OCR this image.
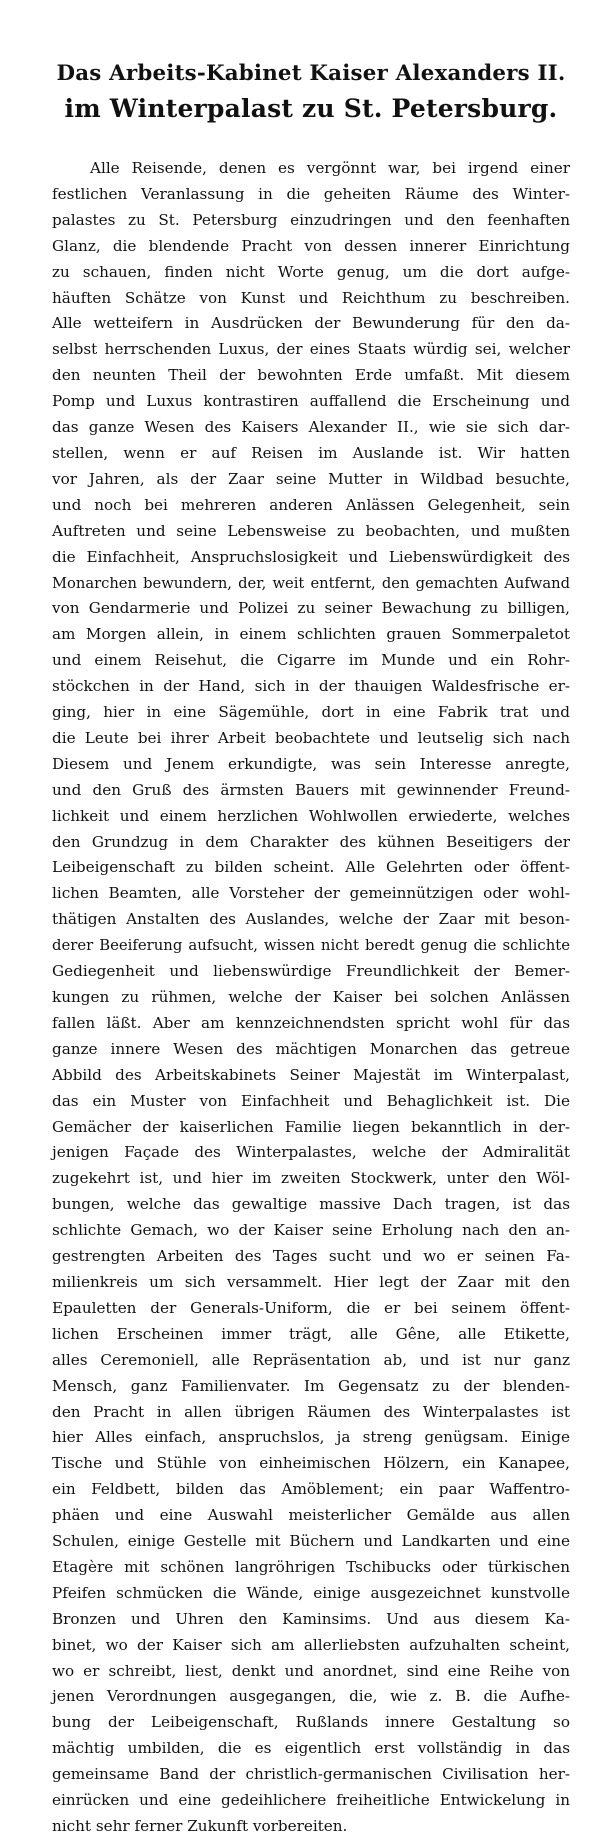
Das Arbeits-Kabinet Kaiser Alexanders II.
im Winterpalast zu St. Petersburg.
Alle Reisende, denen es vergönnt war, bei irgend einer
festlichen Veranlassung in die geheiten Räume des Winter-
palastes zu St. Petersburg einzudringen und den feenhaften
Glanz, die blendende Pracht von dessen innerer Einrichtung
zu schauen, finden nicht Worte genug, um die dort aufge-
häuften Schätze von Kunst und Reichthum zu beschreiben.
Alle wetteifern in Ausdrücken der Bewunderung für den da-
selbst herrschenden Luxus, der eines Staats würdig sei, welcher
den neunten Theil der bewohnten Erde umfaßt. Mit diesem
Pomp und Luxus kontrastiren auffallend die Erscheinung und
das ganze Wesen des Kaisers Alexander II., wie sie sich dar-
stellen, wenn er auf Reisen im Auslande ist. Wir hatten
vor Jahren, als der Zaar seine Mutter in Wildbad besuchte,
und noch bei mehreren anderen Anlässen Gelegenheit, sein
Auftreten und seine Lebensweise zu beobachten, und mußten
die Einfachheit, Anspruchslosigkeit und Liebenswürdigkeit des
Monarchen bewundern, der, weit entfernt, den gemachten Aufwand
von Gendarmerie und Polizei zu seiner Bewachung zu billigen,
am Morgen allein, in einem schlichten grauen Sommerpaletot
und einem Reisehut, die Cigarre im Munde und ein Rohr-
stöckchen in der Hand, sich in der thauigen Waldesfrische er-
ging, hier in eine Sägemühle, dort in eine Fabrik trat und
die Leute bei ihrer Arbeit beobachtete und leutselig sich nach
Diesem und Jenem erkundigte, was sein Interesse anregte,
und den Gruß des ärmsten Bauers mit gewinnender Freund-
lichkeit und einem herzlichen Wohlwollen erwiederte, welches
den Grundzug in dem Charakter des kühnen Beseitigers der
Leibeigenschaft zu bilden scheint. Alle Gelehrten oder öffent-
lichen Beamten, alle Vorsteher der gemeinnützigen oder wohl-
thätigen Anstalten des Auslandes, welche der Zaar mit beson-
derer Beeiferung aufsucht, wissen nicht beredt genug die schlichte
Gediegenheit und liebenswürdige Freundlichkeit der Bemer-
kungen zu rühmen, welche der Kaiser bei solchen Anlässen
fallen läßt. Aber am kennzeichnendsten spricht wohl für das
ganze innere Wesen des mächtigen Monarchen das getreue
Abbild des Arbeitskabinets Seiner Majestät im Winterpalast,
das ein Muster von Einfachheit und Behaglichkeit ist. Die
Gemächer der kaiserlichen Familie liegen bekanntlich in der-
jenigen Façade des Winterpalastes, welche der Admiralität
zugekehrt ist, und hier im zweiten Stockwerk, unter den Wöl-
bungen, welche das gewaltige massive Dach tragen, ist das
schlichte Gemach, wo der Kaiser seine Erholung nach den an-
gestrengten Arbeiten des Tages sucht und wo er seinen Fa-
milienkreis um sich versammelt. Hier legt der Zaar mit den
Epauletten der Generals-Uniform, die er bei seinem öffent-
lichen Erscheinen immer trägt, alle Gêne, alle Etikette,
alles Ceremoniell, alle Repräsentation ab, und ist nur ganz
Mensch, ganz Familienvater. Im Gegensatz zu der blenden-
den Pracht in allen übrigen Räumen des Winterpalastes ist
hier Alles einfach, anspruchslos, ja streng genügsam. Einige
Tische und Stühle von einheimischen Hölzern, ein Kanapee,
ein Feldbett, bilden das Amöblement; ein paar Waffentro-
phäen und eine Auswahl meisterlicher Gemälde aus allen
Schulen, einige Gestelle mit Büchern und Landkarten und eine
Etagère mit schönen langröhrigen Tschibucks oder türkischen
Pfeifen schmücken die Wände, einige ausgezeichnet kunstvolle
Bronzen und Uhren den Kaminsims. Und aus diesem Ka-
binet, wo der Kaiser sich am allerliebsten aufzuhalten scheint,
wo er schreibt, liest, denkt und anordnet, sind eine Reihe von
jenen Verordnungen ausgegangen, die, wie z. B. die Aufhe-
bung der Leibeigenschaft, Rußlands innere Gestaltung so
mächtig umbilden, die es eigentlich erst vollständig in das
gemeinsame Band der christlich-germanischen Civilisation her-
einrücken und eine gedeihlichere freiheitliche Entwickelung in
nicht sehr ferner Zukunft vorbereiten.
